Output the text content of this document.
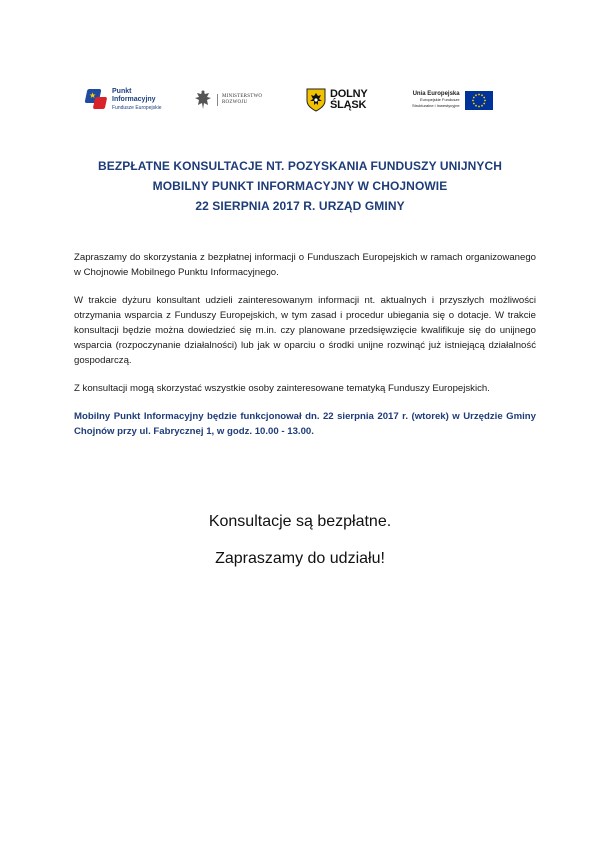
★ Punkt
Informacyjny
Fundusze Europejskie
MINISTERSTWO
ROZWOJU
DOLNY
ŚLĄSK
Unia Europejska
Europejskie Fundusze
Strukturalne i Inwestycyjne
BEZPŁATNE KONSULTACJE NT. POZYSKANIA FUNDUSZY UNIJNYCH
MOBILNY PUNKT INFORMACYJNY W CHOJNOWIE
22 SIERPNIA 2017 R. URZĄD GMINY

Zapraszamy do skorzystania z bezpłatnej informacji o Funduszach Europejskich w ramach organizowanego w Chojnowie Mobilnego Punktu Informacyjnego.

W trakcie dyżuru konsultant udzieli zainteresowanym informacji nt. aktualnych i przyszłych możliwości otrzymania wsparcia z Funduszy Europejskich, w tym zasad i procedur ubiegania się o dotacje. W trakcie konsultacji będzie można dowiedzieć się m.in. czy planowane przedsięwzięcie kwalifikuje się do unijnego wsparcia (rozpoczynanie działalności) lub jak w oparciu o środki unijne rozwinąć już istniejącą działalność gospodarczą.

Z konsultacji mogą skorzystać wszystkie osoby zainteresowane tematyką Funduszy Europejskich.

Mobilny Punkt Informacyjny będzie funkcjonował dn. 22 sierpnia 2017 r. (wtorek) w Urzędzie Gminy Chojnów przy ul. Fabrycznej 1, w godz. 10.00 - 13.00.

Konsultacje są bezpłatne.
Zapraszamy do udziału!
